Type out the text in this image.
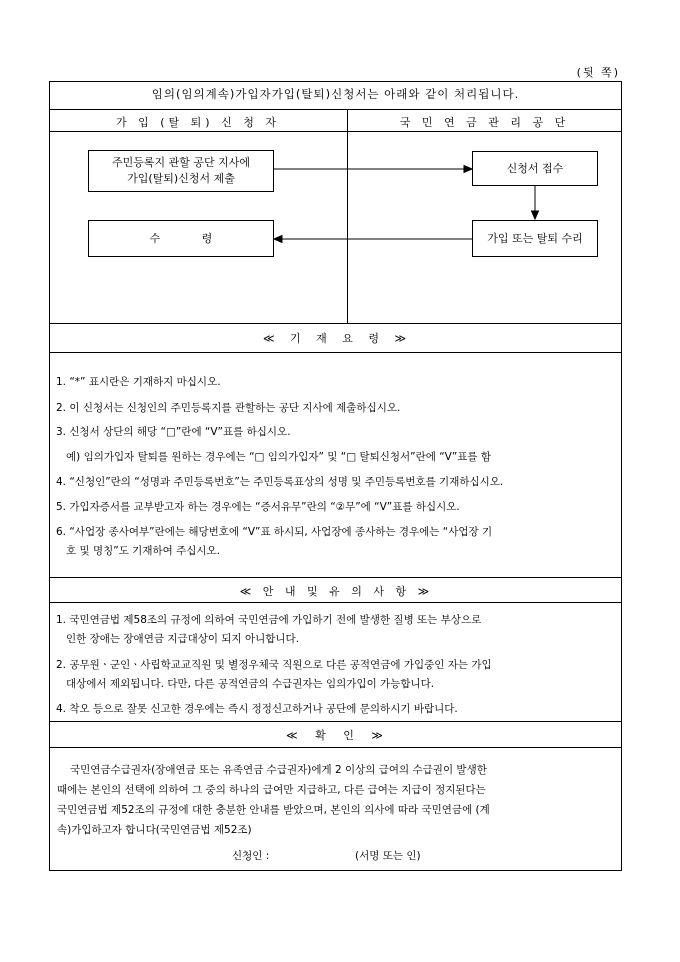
(뒷 쪽)
임의(임의계속)가입자가입(탈퇴)신청서는 아래와 같이 처리됩니다.
가 입 (탈 퇴) 신 청 자	국 민 연 금 관 리 공 단
주민등록지 관할 공단 지사에
가입(탈퇴)신청서 제출
신청서 접수
수	령	가입 또는 탈퇴 수리
≪ 기 재 요 령 ≫
1. “*” 표시란은 기재하지 마십시오.
2. 이 신청서는 신청인의 주민등록지를 관할하는 공단 지사에 제출하십시오.
3. 신청서 상단의 해당 “□”란에 “V”표를 하십시오.
예) 임의가입자 탈퇴를 원하는 경우에는 “□ 임의가입자” 및 “□ 탈퇴신청서”란에 “V”표를 함
4. “신청인”란의 “성명과 주민등록번호”는 주민등록표상의 성명 및 주민등록번호를 기재하십시오.
5. 가입자증서를 교부받고자 하는 경우에는 “증서유무”란의 “②무”에 “V”표를 하십시오.
6. “사업장 종사여부”란에는 해당번호에 “V”표 하시되, 사업장에 종사하는 경우에는 “사업장 기
호 및 명칭”도 기재하여 주십시오.
≪ 안 내 및 유 의 사 항 ≫
1. 국민연금법 제58조의 규정에 의하여 국민연금에 가입하기 전에 발생한 질병 또는 부상으로
인한 장애는 장애연금 지급대상이 되지 아니합니다.
2. 공무원ㆍ군인ㆍ사립학교교직원 및 별정우체국 직원으로 다른 공적연금에 가입중인 자는 가입
대상에서 제외됩니다. 다만, 다른 공적연금의 수급권자는 임의가입이 가능합니다.
4. 착오 등으로 잘못 신고한 경우에는 즉시 정정신고하거나 공단에 문의하시기 바랍니다.
≪ 확 인 ≫
국민연금수급권자(장애연금 또는 유족연금 수급권자)에게 2 이상의 급여의 수급권이 발생한
때에는 본인의 선택에 의하여 그 중의 하나의 급여만 지급하고, 다른 급여는 지급이 정지된다는
국민연금법 제52조의 규정에 대한 충분한 안내를 받았으며, 본인의 의사에 따라 국민연금에 (계
속)가입하고자 합니다(국민연금법 제52조)
신청인 :	(서명 또는 인)
